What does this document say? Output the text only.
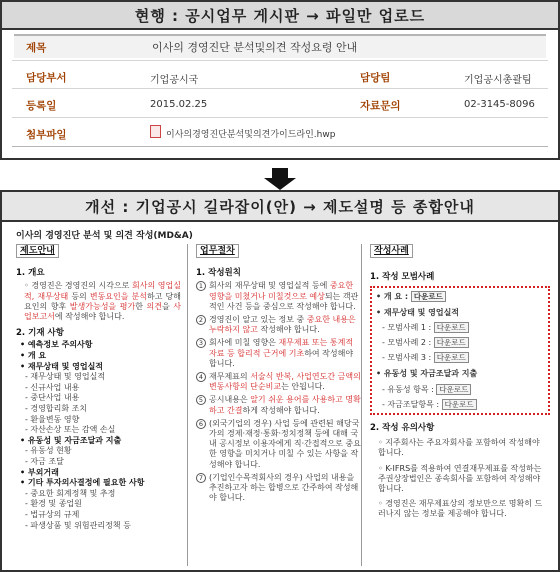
현행 : 공시업무 게시판 → 파일만 업로드
제목	이사의 경영진단 분석및의견 작성요령 안내
담당부서	기업공시국	담당팀	기업공시총괄팀
등록일	2015.02.25	자료문의	02-3145-8096
첨부파일	이사의경영진단분석및의견가이드라인.hwp
개선 : 기업공시 길라잡이(안) → 제도설명 등 종합안내
이사의 경영진단 분석 및 의견 작성(MD&A)
제도안내
1. 개요
◦ 경영진은 경영진의 시각으로 회사의 영업실적, 재무상태 등의 변동요인을 분석하고 당해 요인의 향후 발생가능성을 평가한 의견을 사업보고서에 작성해야 합니다.
2. 기재 사항
• 예측정보 주의사항
• 개 요
• 재무상태 및 영업실적
- 재무상태 및 영업실적
- 신규사업 내용
- 중단사업 내용
- 경영합리화 조치
- 환율변동 영향
- 자산손상 또는 감액 손실
• 유동성 및 자금조달과 지출
- 유동성 현황
- 자금 조달
• 부외거래
• 기타 투자의사결정에 필요한 사항
- 중요한 회계정책 및 추정
- 환경 및 종업원
- 법규상의 규제
- 파생상품 및 위험관리정책 등
업무절차
1. 작성원칙
1 회사의 재무상태 및 영업실적 등에 중요한 영향을 미쳤거나 미칠것으로 예상되는 객관적인 사건 등을 중심으로 작성해야 합니다.
2 경영진이 알고 있는 정보 중 중요한 내용은 누락하지 않고 작성해야 합니다.
3 회사에 미칠 영향은 재무제표 또는 통계적 자료 등 합리적 근거에 기초하여 작성해야 합니다.
4 재무제표의 서술식 반복, 사업연도간 금액의 변동사항의 단순비교는 안됩니다.
5 공시내용은 알기 쉬운 용어를 사용하고 명확하고 간결하게 작성해야 합니다.
6 (외국기업의 경우) 사업 등에 관련된 해당국가의 경제·재정·통화·정치정책 등에 대해 국내 공시정보 이용자에게 직·간접적으로 중요한 영향을 미치거나 미칠 수 있는 사항을 작성해야 합니다.
7 (기업인수목적회사의 경우) 사업의 내용을 추진하고자 하는 합병으로 간주하여 작성해야 합니다.
작성사례
1. 작성 모범사례
• 개 요 : 다운로드
• 재무상태 및 영업실적
- 모범사례 1 : 다운로드
- 모범사례 2 : 다운로드
- 모범사례 3 : 다운로드
• 유동성 및 자금조달과 지출
- 유동성 항목 : 다운로드
- 자금조달항목 : 다운로드
2. 작성 유의사항
◦ 지주회사는 주요자회사를 포함하여 작성해야 합니다.
◦ K-IFRS를 적용하여 연결재무제표를 작성하는 주권상장법인은 종속회사를 포함하여 작성해야 합니다.
◦ 경영진은 재무제표상의 정보만으로 명확히 드러나지 않는 정보를 제공해야 합니다.
